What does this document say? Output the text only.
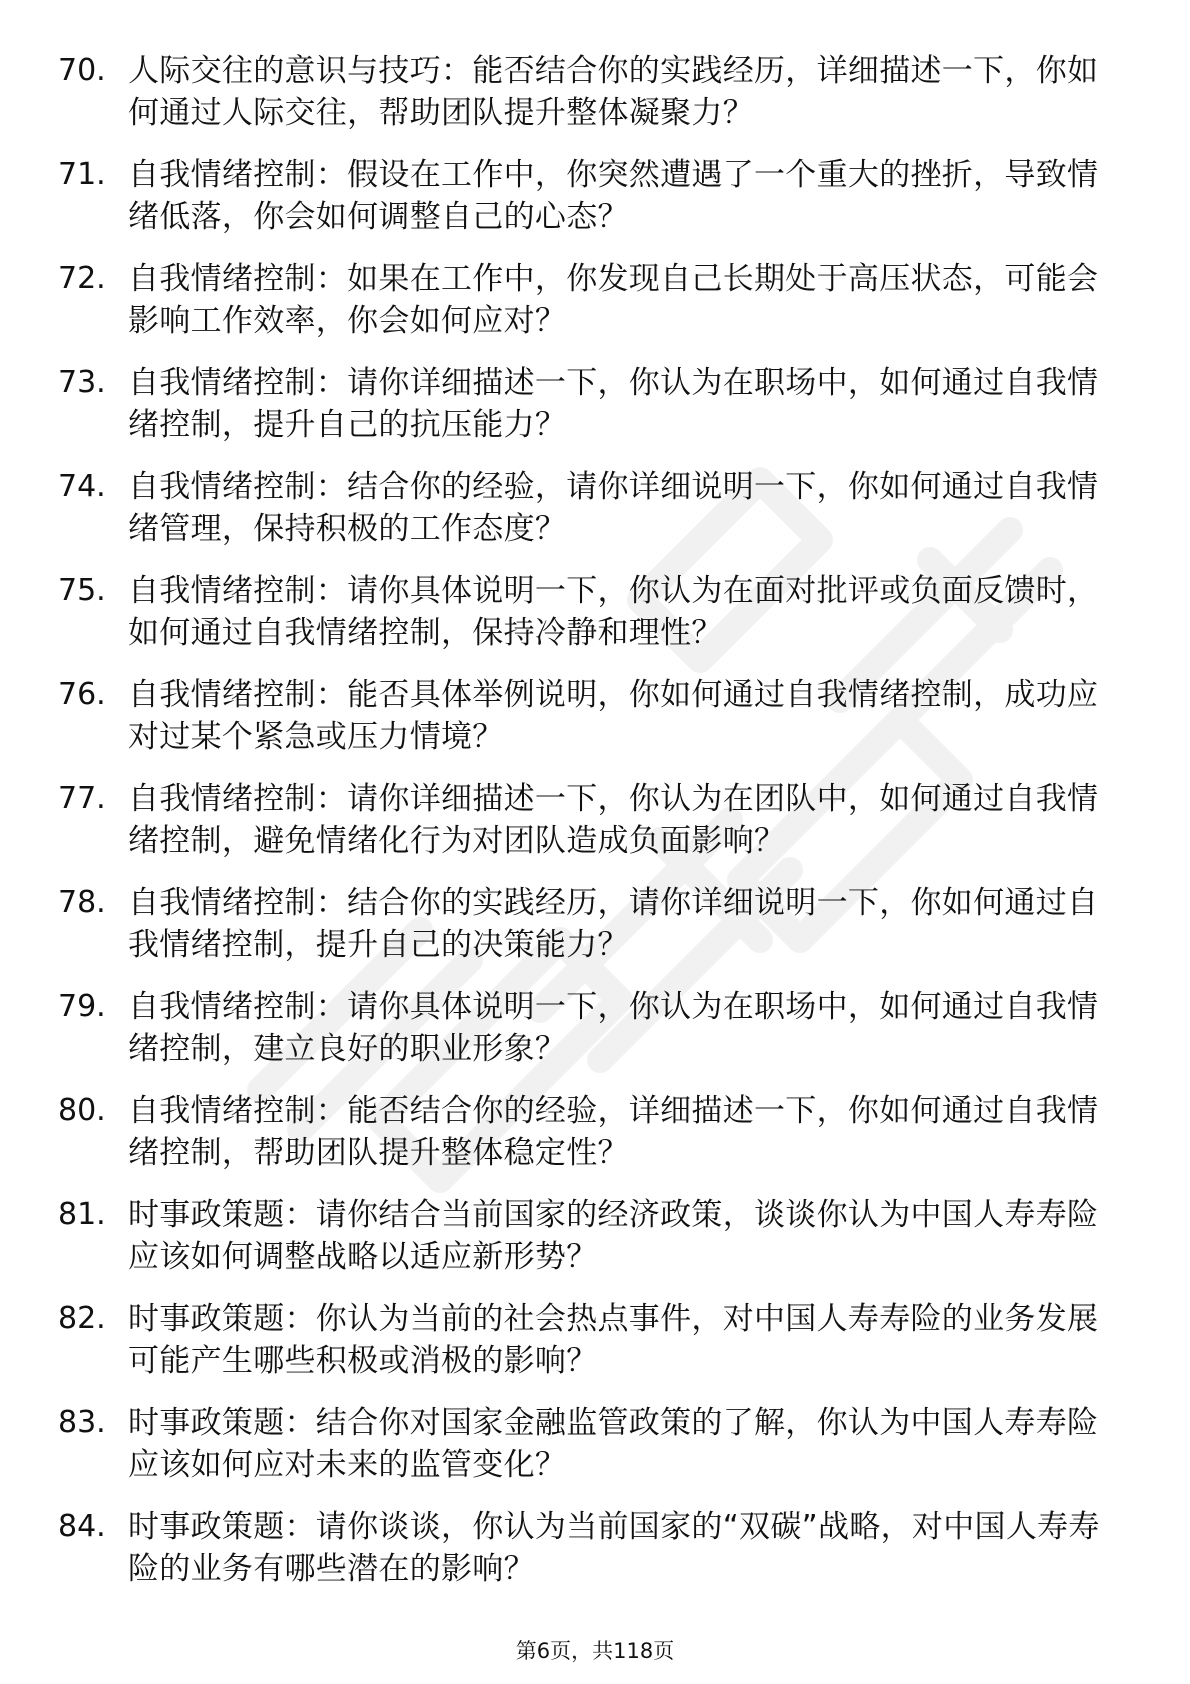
70. 人际交往的意识与技巧：能否结合你的实践经历，详细描述一下，你如何通过人际交往，帮助团队提升整体凝聚力？
71. 自我情绪控制：假设在工作中，你突然遭遇了一个重大的挫折，导致情绪低落，你会如何调整自己的心态？
72. 自我情绪控制：如果在工作中，你发现自己长期处于高压状态，可能会影响工作效率，你会如何应对？
73. 自我情绪控制：请你详细描述一下，你认为在职场中，如何通过自我情绪控制，提升自己的抗压能力？
74. 自我情绪控制：结合你的经验，请你详细说明一下，你如何通过自我情绪管理，保持积极的工作态度？
75. 自我情绪控制：请你具体说明一下，你认为在面对批评或负面反馈时，如何通过自我情绪控制，保持冷静和理性？
76. 自我情绪控制：能否具体举例说明，你如何通过自我情绪控制，成功应对过某个紧急或压力情境？
77. 自我情绪控制：请你详细描述一下，你认为在团队中，如何通过自我情绪控制，避免情绪化行为对团队造成负面影响？
78. 自我情绪控制：结合你的实践经历，请你详细说明一下，你如何通过自我情绪控制，提升自己的决策能力？
79. 自我情绪控制：请你具体说明一下，你认为在职场中，如何通过自我情绪控制，建立良好的职业形象？
80. 自我情绪控制：能否结合你的经验，详细描述一下，你如何通过自我情绪控制，帮助团队提升整体稳定性？
81. 时事政策题：请你结合当前国家的经济政策，谈谈你认为中国人寿寿险应该如何调整战略以适应新形势？
82. 时事政策题：你认为当前的社会热点事件，对中国人寿寿险的业务发展可能产生哪些积极或消极的影响？
83. 时事政策题：结合你对国家金融监管政策的了解，你认为中国人寿寿险应该如何应对未来的监管变化？
84. 时事政策题：请你谈谈，你认为当前国家的“双碳”战略，对中国人寿寿险的业务有哪些潜在的影响？
第6页，共118页
